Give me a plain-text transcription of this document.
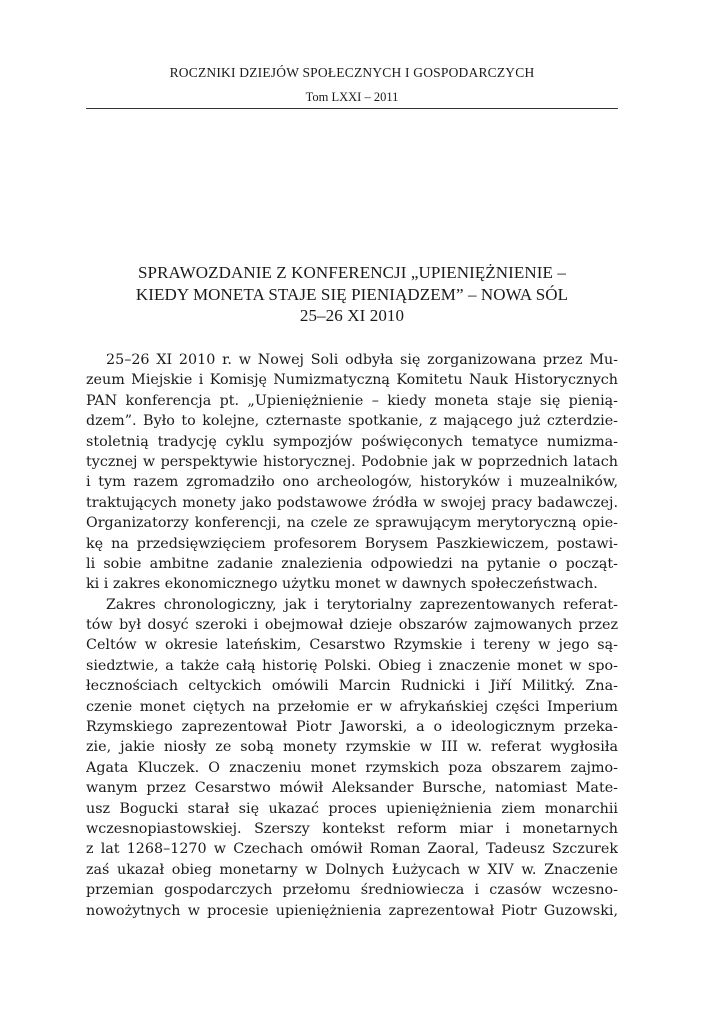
ROCZNIKI DZIEJÓW SPOŁECZNYCH I GOSPODARCZYCH
Tom LXXI – 2011
SPRAWOZDANIE Z KONFERENCJI „UPIENIĘŻNIENIE –
KIEDY MONETA STAJE SIĘ PIENIĄDZEM” – NOWA SÓL
25–26 XI 2010
25–26 XI 2010 r. w Nowej Soli odbyła się zorganizowana przez Mu-
zeum Miejskie i Komisję Numizmatyczną Komitetu Nauk Historycznych
PAN konferencja pt. „Upieniężnienie – kiedy moneta staje się pienią-
dzem”. Było to kolejne, czternaste spotkanie, z mającego już czterdzie-
stoletnią tradycję cyklu sympozjów poświęconych tematyce numizma-
tycznej w perspektywie historycznej. Podobnie jak w poprzednich latach
i tym razem zgromadziło ono archeologów, historyków i muzealników,
traktujących monety jako podstawowe źródła w swojej pracy badawczej.
Organizatorzy konferencji, na czele ze sprawującym merytoryczną opie-
kę na przedsięwzięciem profesorem Borysem Paszkiewiczem, postawi-
li sobie ambitne zadanie znalezienia odpowiedzi na pytanie o począt-
ki i zakres ekonomicznego użytku monet w dawnych społeczeństwach.
Zakres chronologiczny, jak i terytorialny zaprezentowanych referat-
tów był dosyć szeroki i obejmował dzieje obszarów zajmowanych przez
Celtów w okresie lateńskim, Cesarstwo Rzymskie i tereny w jego są-
siedztwie, a także całą historię Polski. Obieg i znaczenie monet w spo-
łecznościach celtyckich omówili Marcin Rudnicki i Jiří Militký. Zna-
czenie monet ciętych na przełomie er w afrykańskiej części Imperium
Rzymskiego zaprezentował Piotr Jaworski, a o ideologicznym przeka-
zie, jakie niosły ze sobą monety rzymskie w III w. referat wygłosiła
Agata Kluczek. O znaczeniu monet rzymskich poza obszarem zajmo-
wanym przez Cesarstwo mówił Aleksander Bursche, natomiast Mate-
usz Bogucki starał się ukazać proces upieniężnienia ziem monarchii
wczesnopiastowskiej. Szerszy kontekst reform miar i monetarnych
z lat 1268–1270 w Czechach omówił Roman Zaoral, Tadeusz Szczurek
zaś ukazał obieg monetarny w Dolnych Łużycach w XIV w. Znaczenie
przemian gospodarczych przełomu średniowiecza i czasów wczesno-
nowożytnych w procesie upieniężnienia zaprezentował Piotr Guzowski,
